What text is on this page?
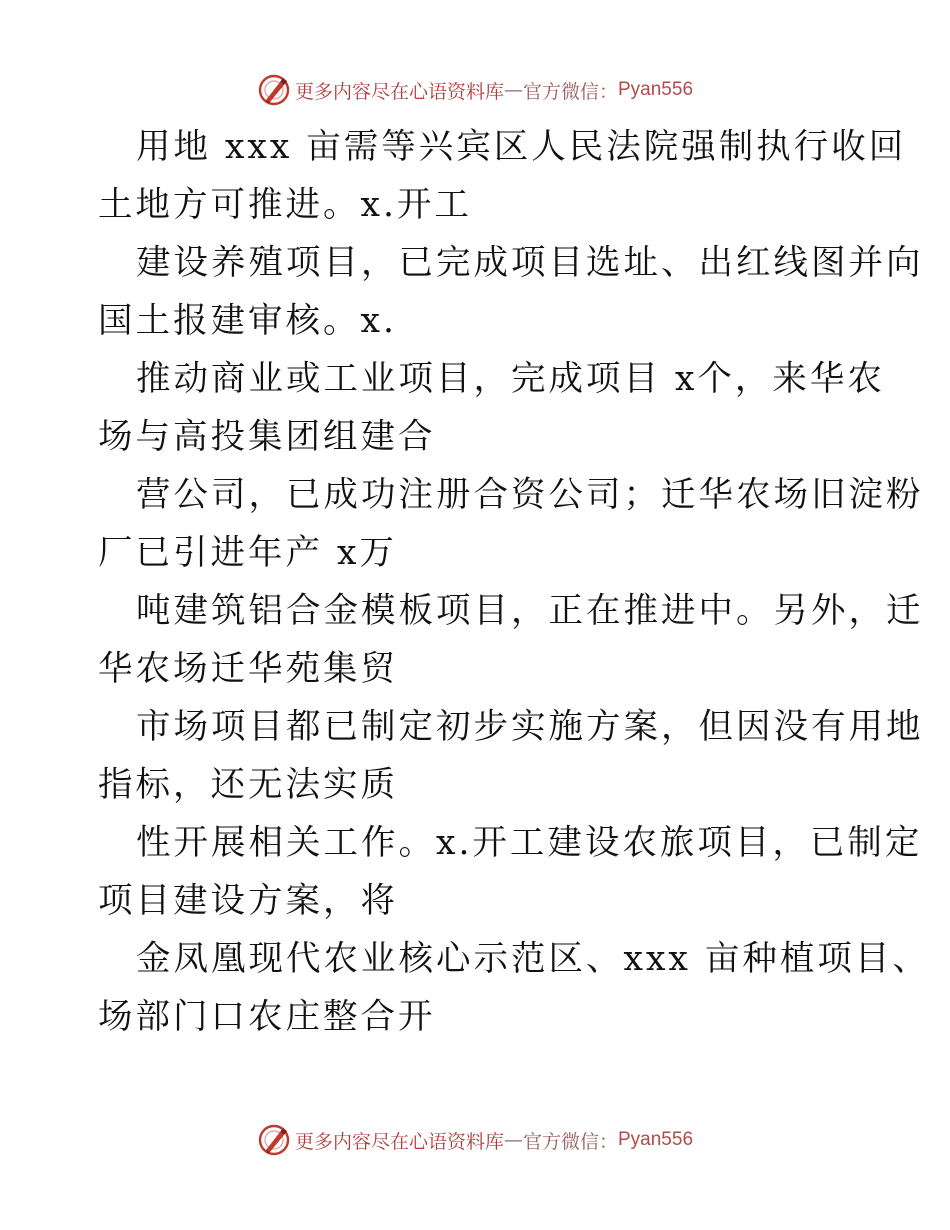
更多内容尽在心语资料库 — 官方微信： Pyan556
用地 xxx 亩需等兴宾区人民法院强制执行收回
土地方可推进。x.开工
建设养殖项目，已完成项目选址、出红线图并向
国土报建审核。x.
推动商业或工业项目，完成项目 x个，来华农
场与高投集团组建合
营公司，已成功注册合资公司；迁华农场旧淀粉
厂已引进年产 x万
吨建筑铝合金模板项目，正在推进中。另外，迁
华农场迁华苑集贸
市场项目都已制定初步实施方案，但因没有用地
指标，还无法实质
性开展相关工作。x.开工建设农旅项目，已制定
项目建设方案，将
金凤凰现代农业核心示范区、xxx 亩种植项目、
场部门口农庄整合开
更多内容尽在心语资料库 — 官方微信： Pyan556
